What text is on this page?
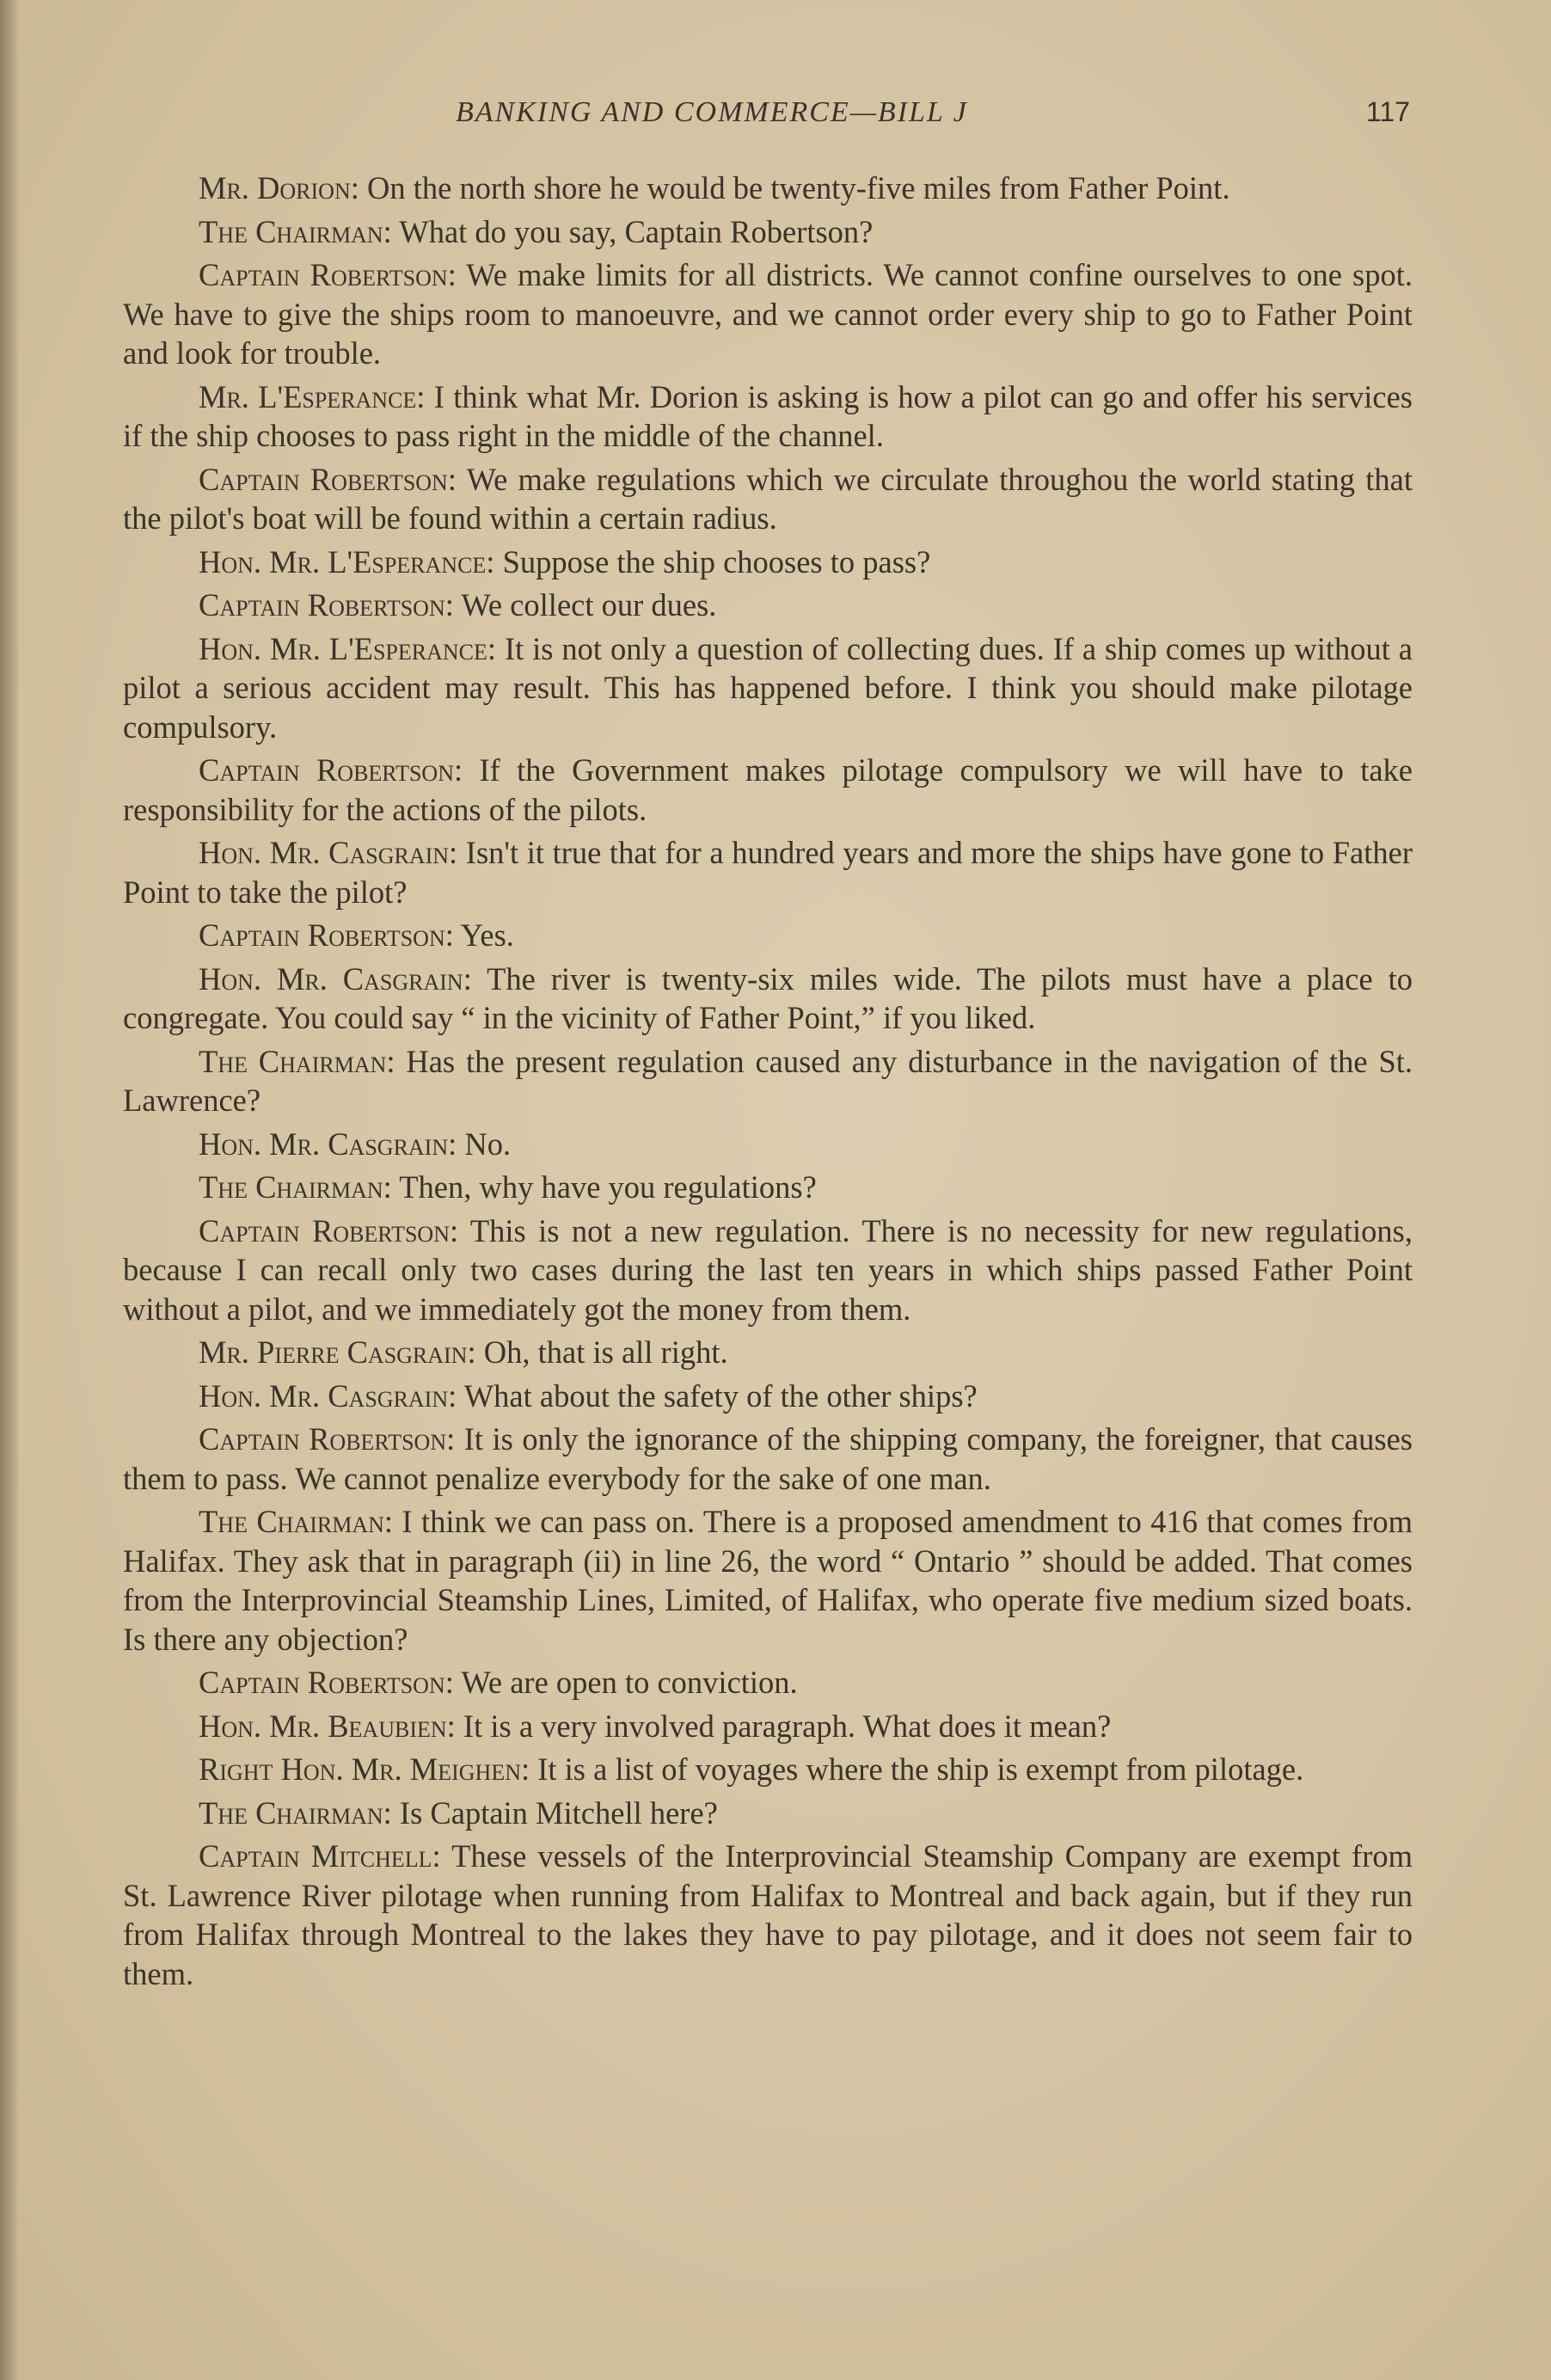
BANKING AND COMMERCE—BILL J	117

Mr. Dorion: On the north shore he would be twenty-five miles from Father Point.

The Chairman: What do you say, Captain Robertson?

Captain Robertson: We make limits for all districts. We cannot confine ourselves to one spot. We have to give the ships room to manoeuvre, and we cannot order every ship to go to Father Point and look for trouble.

Mr. L'Esperance: I think what Mr. Dorion is asking is how a pilot can go and offer his services if the ship chooses to pass right in the middle of the channel.

Captain Robertson: We make regulations which we circulate throughou the world stating that the pilot's boat will be found within a certain radius.

Hon. Mr. L'Esperance: Suppose the ship chooses to pass?

Captain Robertson: We collect our dues.

Hon. Mr. L'Esperance: It is not only a question of collecting dues. If a ship comes up without a pilot a serious accident may result. This has happened before. I think you should make pilotage compulsory.

Captain Robertson: If the Government makes pilotage compulsory we will have to take responsibility for the actions of the pilots.

Hon. Mr. Casgrain: Isn't it true that for a hundred years and more the ships have gone to Father Point to take the pilot?

Captain Robertson: Yes.

Hon. Mr. Casgrain: The river is twenty-six miles wide. The pilots must have a place to congregate. You could say “ in the vicinity of Father Point,” if you liked.

The Chairman: Has the present regulation caused any disturbance in the navigation of the St. Lawrence?

Hon. Mr. Casgrain: No.

The Chairman: Then, why have you regulations?

Captain Robertson: This is not a new regulation. There is no necessity for new regulations, because I can recall only two cases during the last ten years in which ships passed Father Point without a pilot, and we immediately got the money from them.

Mr. Pierre Casgrain: Oh, that is all right.

Hon. Mr. Casgrain: What about the safety of the other ships?

Captain Robertson: It is only the ignorance of the shipping company, the foreigner, that causes them to pass. We cannot penalize everybody for the sake of one man.

The Chairman: I think we can pass on. There is a proposed amendment to 416 that comes from Halifax. They ask that in paragraph (ii) in line 26, the word “ Ontario ” should be added. That comes from the Interprovincial Steamship Lines, Limited, of Halifax, who operate five medium sized boats. Is there any objection?

Captain Robertson: We are open to conviction.

Hon. Mr. Beaubien: It is a very involved paragraph. What does it mean?

Right Hon. Mr. Meighen: It is a list of voyages where the ship is exempt from pilotage.

The Chairman: Is Captain Mitchell here?

Captain Mitchell: These vessels of the Interprovincial Steamship Company are exempt from St. Lawrence River pilotage when running from Halifax to Montreal and back again, but if they run from Halifax through Montreal to the lakes they have to pay pilotage, and it does not seem fair to them.
